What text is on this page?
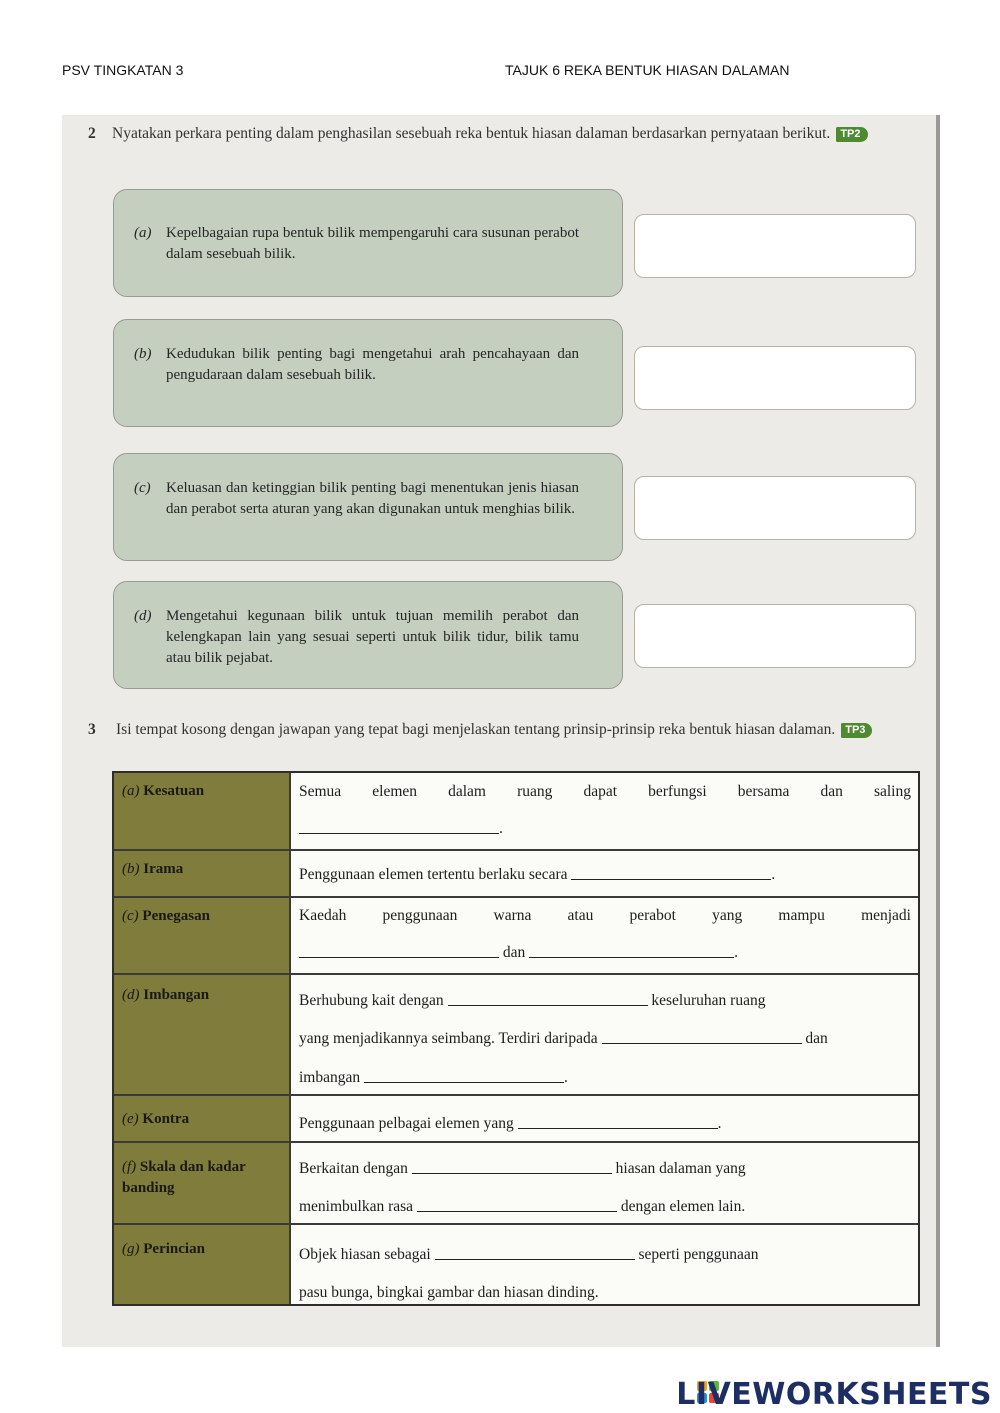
PSV TINGKATAN 3	TAJUK 6 REKA BENTUK HIASAN DALAMAN
2 Nyatakan perkara penting dalam penghasilan sesebuah reka bentuk hiasan dalaman berdasarkan pernyataan berikut. TP2
(a) Kepelbagaian rupa bentuk bilik mempengaruhi cara susunan perabot dalam sesebuah bilik.
(b) Kedudukan bilik penting bagi mengetahui arah pencahayaan dan pengudaraan dalam sesebuah bilik.
(c)	Keluasan dan ketinggian bilik penting bagi menentukan jenis hiasan dan perabot serta aturan yang akan digunakan untuk menghias bilik.
(d) Mengetahui kegunaan bilik untuk tujuan memilih perabot dan kelengkapan lain yang sesuai seperti untuk bilik tidur, bilik tamu atau bilik pejabat.
3 Isi tempat kosong dengan jawapan yang tepat bagi menjelaskan tentang prinsip-prinsip reka bentuk hiasan dalaman. TP3
(a) Kesatuan	Semua elemen dalam ruang dapat berfungsi bersama dan saling
.
(b) Irama	Penggunaan elemen tertentu berlaku secara	.
(c) Penegasan	Kaedah penggunaan warna atau perabot yang mampu menjadi
dan	.
(d) Imbangan	Berhubung kait dengan	keseluruhan ruang
yang menjadikannya seimbang. Terdiri daripada	dan
imbangan	.
(e) Kontra	Penggunaan pelbagai elemen yang	.
(f) Skala dan kadar banding
Berkaitan dengan	hiasan dalaman yang
menimbulkan rasa	dengan elemen lain.
(g) Perincian	Objek hiasan sebagai	seperti penggunaan
pasu bunga, bingkai gambar dan hiasan dinding.
LIVEWORKSHEETS
